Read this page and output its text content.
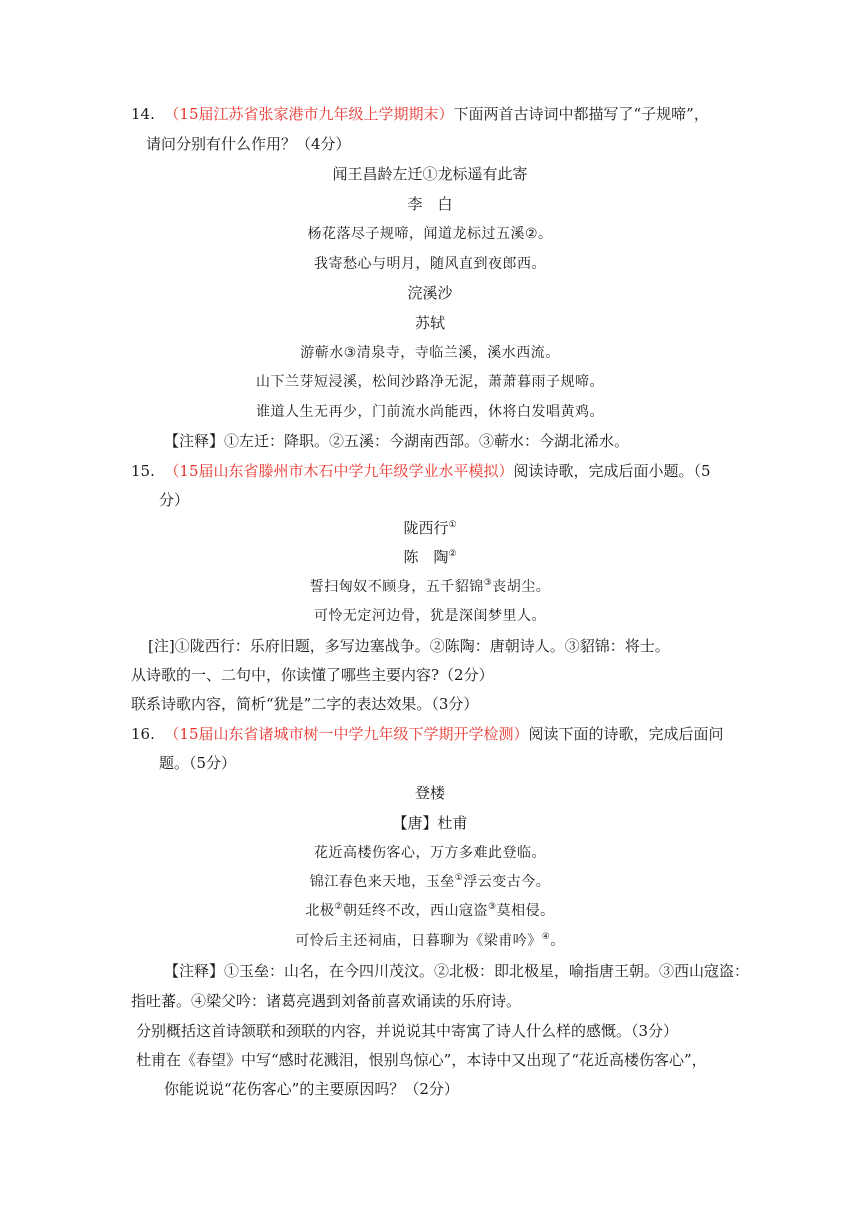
14. （15届江苏省张家港市九年级上学期期末）下面两首古诗词中都描写了“子规啼”，
请问分别有什么作用？（4分）
闻王昌龄左迁①龙标遥有此寄
李　白
杨花落尽子规啼，闻道龙标过五溪②。
我寄愁心与明月，随风直到夜郎西。
浣溪沙
苏轼
游蕲水③清泉寺，寺临兰溪，溪水西流。
山下兰芽短浸溪，松间沙路净无泥，萧萧暮雨子规啼。
谁道人生无再少，门前流水尚能西，休将白发唱黄鸡。
【注释】①左迁：降职。②五溪：今湖南西部。③蕲水：今湖北浠水。
15. （15届山东省滕州市木石中学九年级学业水平模拟）阅读诗歌，完成后面小题。（5
分）
陇西行①
陈　陶②
誓扫匈奴不顾身，五千貂锦③丧胡尘。
可怜无定河边骨，犹是深闺梦里人。
[注]①陇西行：乐府旧题，多写边塞战争。②陈陶：唐朝诗人。③貂锦：将士。
从诗歌的一、二句中，你读懂了哪些主要内容?（2分）
联系诗歌内容，简析“犹是”二字的表达效果。（3分）
16. （15届山东省诸城市树一中学九年级下学期开学检测）阅读下面的诗歌，完成后面问
题。（5分）
登楼
【唐】杜甫
花近高楼伤客心，万方多难此登临。
锦江春色来天地，玉垒①浮云变古今。
北极②朝廷终不改，西山寇盗③莫相侵。
可怜后主还祠庙，日暮聊为《梁甫吟》④。
【注释】①玉垒：山名，在今四川茂汶。②北极：即北极星，喻指唐王朝。③西山寇盗：
指吐蕃。④梁父吟：诸葛亮遇到刘备前喜欢诵读的乐府诗。
分别概括这首诗颔联和颈联的内容，并说说其中寄寓了诗人什么样的感慨。（3分）
杜甫在《春望》中写“感时花溅泪，恨别鸟惊心”，本诗中又出现了“花近高楼伤客心”，
你能说说“花伤客心”的主要原因吗？（2分）
